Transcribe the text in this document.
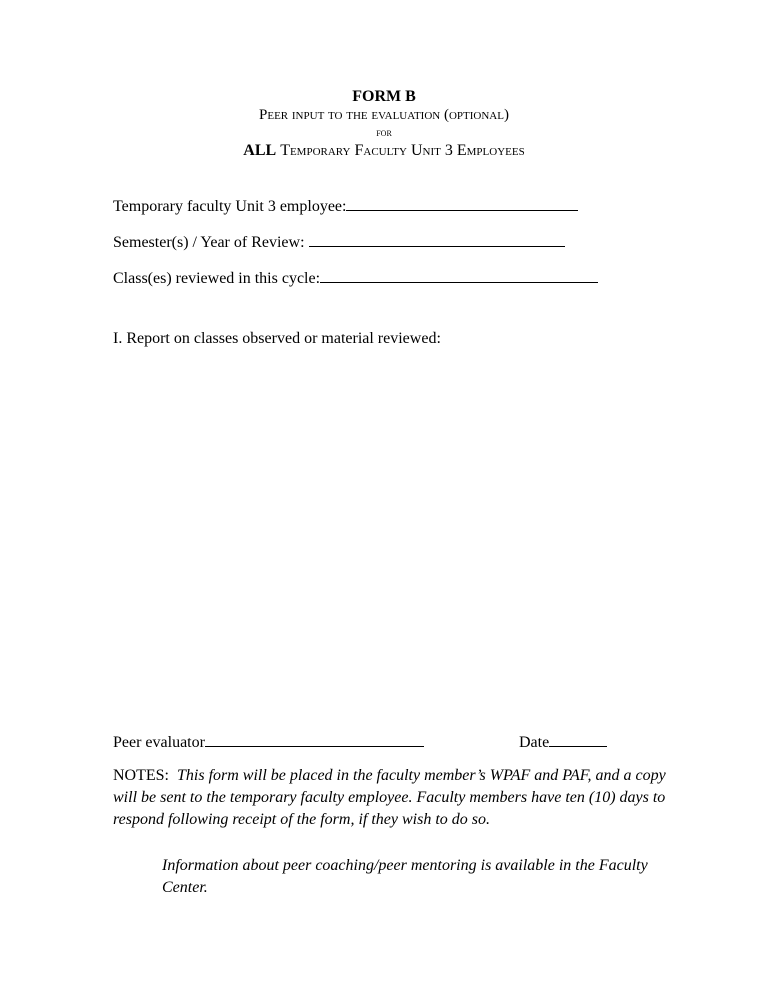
FORM B
Peer input to the evaluation (optional)
for
ALL Temporary Faculty Unit 3 Employees
Temporary faculty Unit 3 employee:
Semester(s) / Year of Review:
Class(es) reviewed in this cycle:
I. Report on classes observed or material reviewed:
Peer evaluator	Date
NOTES: This form will be placed in the faculty member’s WPAF and PAF, and a copy
will be sent to the temporary faculty employee. Faculty members have ten (10) days to
respond following receipt of the form, if they wish to do so.
Information about peer coaching/peer mentoring is available in the Faculty
Center.
